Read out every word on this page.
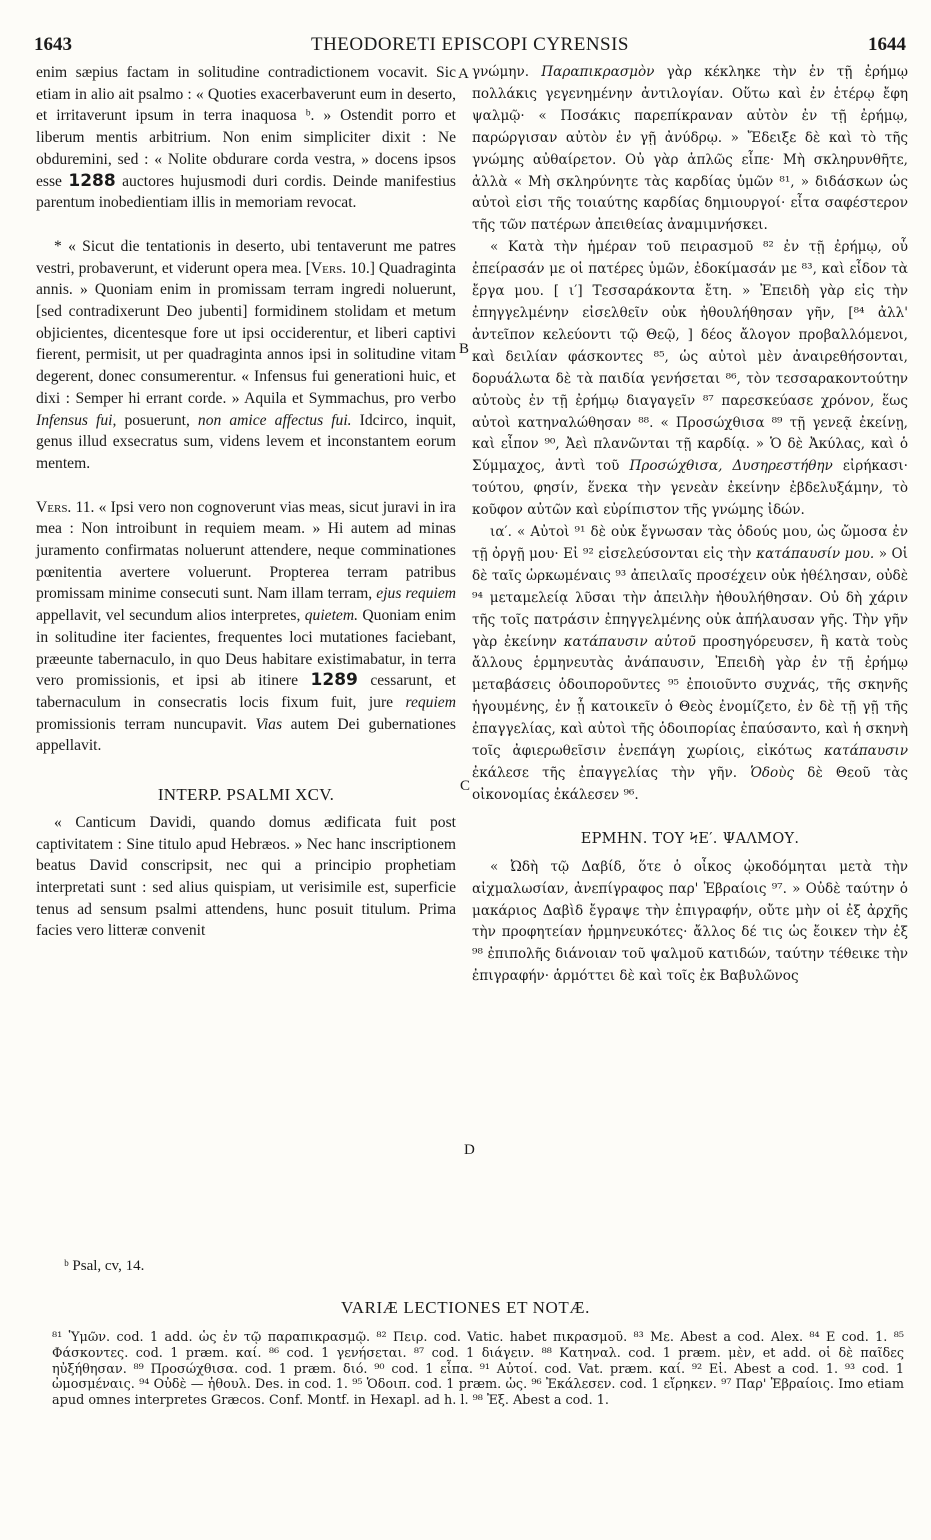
1643	THEODORETI EPISCOPI CYRENSIS	1644
A
B
C
D

enim sæpius factam in solitudine contradictionem vocavit. Sic etiam in alio ait psalmo : « Quoties exacerbaverunt eum in deserto, et irritaverunt ipsum in terra inaquosa ᵇ. » Ostendit porro et liberum mentis arbitrium. Non enim simpliciter dixit : Ne obduremini, sed : « Nolite obdurare corda vestra, » docens ipsos esse 1288 auctores hujusmodi duri cordis. Deinde manifestius parentum inobedientiam illis in memoriam revocat.

* « Sicut die tentationis in deserto, ubi tentaverunt me patres vestri, probaverunt, et viderunt opera mea. [Vers. 10.] Quadraginta annis. » Quoniam enim in promissam terram ingredi noluerunt, [sed contradixerunt Deo jubenti] formidinem stolidam et metum objicientes, dicentesque fore ut ipsi occiderentur, et liberi captivi fierent, permisit, ut per quadraginta annos ipsi in solitudine vitam degerent, donec consumerentur. « Infensus fui generationi huic, et dixi : Semper hi errant corde. » Aquila et Symmachus, pro verbo Infensus fui, posuerunt, non amice affectus fui. Idcirco, inquit, genus illud exsecratus sum, videns levem et inconstantem eorum mentem.

Vers. 11. « Ipsi vero non cognoverunt vias meas, sicut juravi in ira mea : Non introibunt in requiem meam. » Hi autem ad minas juramento confirmatas noluerunt attendere, neque comminationes pœnitentia avertere voluerunt. Propterea terram patribus promissam minime consecuti sunt. Nam illam terram, ejus requiem appellavit, vel secundum alios interpretes, quietem. Quoniam enim in solitudine iter facientes, frequentes loci mutationes faciebant, præeunte tabernaculo, in quo Deus habitare existimabatur, in terra vero promissionis, et ipsi ab itinere 1289 cessarunt, et tabernaculum in consecratis locis fixum fuit, jure requiem promissionis terram nuncupavit. Vias autem Dei gubernationes appellavit.

INTERP. PSALMI XCV.

« Canticum Davidi, quando domus ædificata fuit post captivitatem : Sine titulo apud Hebræos. » Nec hanc inscriptionem beatus David conscripsit, nec qui a principio prophetiam interpretati sunt : sed alius quispiam, ut verisimile est, superficie tenus ad sensum psalmi attendens, hunc posuit titulum. Prima facies vero litteræ convenit

γνώμην. Παραπικρασμὸν γὰρ κέκληκε τὴν ἐν τῇ ἐρήμῳ πολλάκις γεγενημένην ἀντιλογίαν. Οὕτω καὶ ἐν ἑτέρῳ ἔφη ψαλμῷ· « Ποσάκις παρεπίκραναν αὐτὸν ἐν τῇ ἐρήμῳ, παρώργισαν αὐτὸν ἐν γῇ ἀνύδρῳ. » Ἔδειξε δὲ καὶ τὸ τῆς γνώμης αὐθαίρετον. Οὐ γὰρ ἁπλῶς εἶπε· Μὴ σκληρυνθῆτε, ἀλλὰ « Μὴ σκληρύνητε τὰς καρδίας ὑμῶν ⁸¹, » διδάσκων ὡς αὐτοὶ εἰσι τῆς τοιαύτης καρδίας δημιουργοί· εἶτα σαφέστερον τῆς τῶν πατέρων ἀπειθείας ἀναμιμνήσκει.

« Κατὰ τὴν ἡμέραν τοῦ πειρασμοῦ ⁸² ἐν τῇ ἐρήμῳ, οὗ ἐπείρασάν με οἱ πατέρες ὑμῶν, ἐδοκίμασάν με ⁸³, καὶ εἶδον τὰ ἔργα μου. [ ι′] Τεσσαράκοντα ἔτη. » Ἐπειδὴ γὰρ εἰς τὴν ἐπηγγελμένην εἰσελθεῖν οὐκ ἠθουλήθησαν γῆν, [⁸⁴ ἀλλ' ἀντεῖπον κελεύοντι τῷ Θεῷ, ] δέος ἄλογον προβαλλόμενοι, καὶ δειλίαν φάσκοντες ⁸⁵, ὡς αὐτοὶ μὲν ἀναιρεθήσονται, δορυάλωτα δὲ τὰ παιδία γενήσεται ⁸⁶, τὸν τεσσαρακοντούτην αὐτοὺς ἐν τῇ ἐρήμῳ διαγαγεῖν ⁸⁷ παρεσκεύασε χρόνον, ἕως αὐτοὶ κατηναλώθησαν ⁸⁸. « Προσώχθισα ⁸⁹ τῇ γενεᾷ ἐκείνῃ, καὶ εἶπον ⁹⁰, Ἀεὶ πλανῶνται τῇ καρδίᾳ. » Ὁ δὲ Ἀκύλας, καὶ ὁ Σύμμαχος, ἀντὶ τοῦ Προσώχθισα, Δυσηρεστήθην εἰρήκασι· τούτου, φησίν, ἕνεκα τὴν γενεὰν ἐκείνην ἐβδελυξάμην, τὸ κοῦφον αὐτῶν καὶ εὐρίπιστον τῆς γνώμης ἰδών.

ια′. « Αὐτοὶ ⁹¹ δὲ οὐκ ἔγνωσαν τὰς ὁδούς μου, ὡς ὤμοσα ἐν τῇ ὀργῇ μου· Εἰ ⁹² εἰσελεύσονται εἰς τὴν κατάπαυσίν μου. » Οἱ δὲ ταῖς ὡρκωμέναις ⁹³ ἀπειλαῖς προσέχειν οὐκ ἠθέλησαν, οὐδὲ ⁹⁴ μεταμελείᾳ λῦσαι τὴν ἀπειλὴν ἠθουλήθησαν. Οὐ δὴ χάριν τῆς τοῖς πατράσιν ἐπηγγελμένης οὐκ ἀπήλαυσαν γῆς. Τὴν γῆν γὰρ ἐκείνην κατάπαυσιν αὐτοῦ προσηγόρευσεν, ἢ κατὰ τοὺς ἄλλους ἑρμηνευτὰς ἀνάπαυσιν, Ἐπειδὴ γὰρ ἐν τῇ ἐρήμῳ μεταβάσεις ὁδοιποροῦντες ⁹⁵ ἐποιοῦντο συχνάς, τῆς σκηνῆς ἡγουμένης, ἐν ᾗ κατοικεῖν ὁ Θεὸς ἐνομίζετο, ἐν δὲ τῇ γῇ τῆς ἐπαγγελίας, καὶ αὐτοὶ τῆς ὁδοιπορίας ἐπαύσαντο, καὶ ἡ σκηνὴ τοῖς ἀφιερωθεῖσιν ἐνεπάγη χωρίοις, εἰκότως κατάπαυσιν ἐκάλεσε τῆς ἐπαγγελίας τὴν γῆν. Ὁδοὺς δὲ Θεοῦ τὰς οἰκονομίας ἐκάλεσεν ⁹⁶.

ΕΡΜΗΝ. ΤΟΥ ϞΕ′. ΨΑΛΜΟΥ.

« Ὠδὴ τῷ Δαβίδ, ὅτε ὁ οἶκος ᾠκοδόμηται μετὰ τὴν αἰχμαλωσίαν, ἀνεπίγραφος παρ' Ἑβραίοις ⁹⁷. » Οὐδὲ ταύτην ὁ μακάριος Δαβὶδ ἔγραψε τὴν ἐπιγραφήν, οὔτε μὴν οἱ ἐξ ἀρχῆς τὴν προφητείαν ἡρμηνευκότες· ἄλλος δέ τις ὡς ἔοικεν τὴν ἐξ ⁹⁸ ἐπιπολῆς διάνοιαν τοῦ ψαλμοῦ κατιδών, ταύτην τέθεικε τὴν ἐπιγραφήν· ἁρμόττει δὲ καὶ τοῖς ἐκ Βαβυλῶνος

ᵇ Psal, cv, 14.
VARIÆ LECTIONES ET NOTÆ.

⁸¹ Ὑμῶν. cod. 1 add. ὡς ἐν τῷ παραπικρασμῷ. ⁸² Πειρ. cod. Vatic. habet πικρασμοῦ. ⁸³ Με. Abest a cod. Alex. ⁸⁴ E cod. 1. ⁸⁵ Φάσκοντες. cod. 1 præm. καί. ⁸⁶ cod. 1 γενήσεται. ⁸⁷ cod. 1 διάγειν. ⁸⁸ Κατηναλ. cod. 1 præm. μὲν, et add. οἱ δὲ παῖδες ηὐξήθησαν. ⁸⁹ Προσώχθισα. cod. 1 præm. διό. ⁹⁰ cod. 1 εἶπα. ⁹¹ Αὐτοί. cod. Vat. præm. καί. ⁹² Εἰ. Abest a cod. 1. ⁹³ cod. 1 ὠμοσμέναις. ⁹⁴ Οὐδὲ — ἠθουλ. Des. in cod. 1. ⁹⁵ Ὁδοιπ. cod. 1 præm. ὡς. ⁹⁶ Ἐκάλεσεν. cod. 1 εἴρηκεν. ⁹⁷ Παρ' Ἑβραίοις. Imo etiam apud omnes interpretes Græcos. Conf. Montf. in Hexapl. ad h. l. ⁹⁸ Ἐξ. Abest a cod. 1.
